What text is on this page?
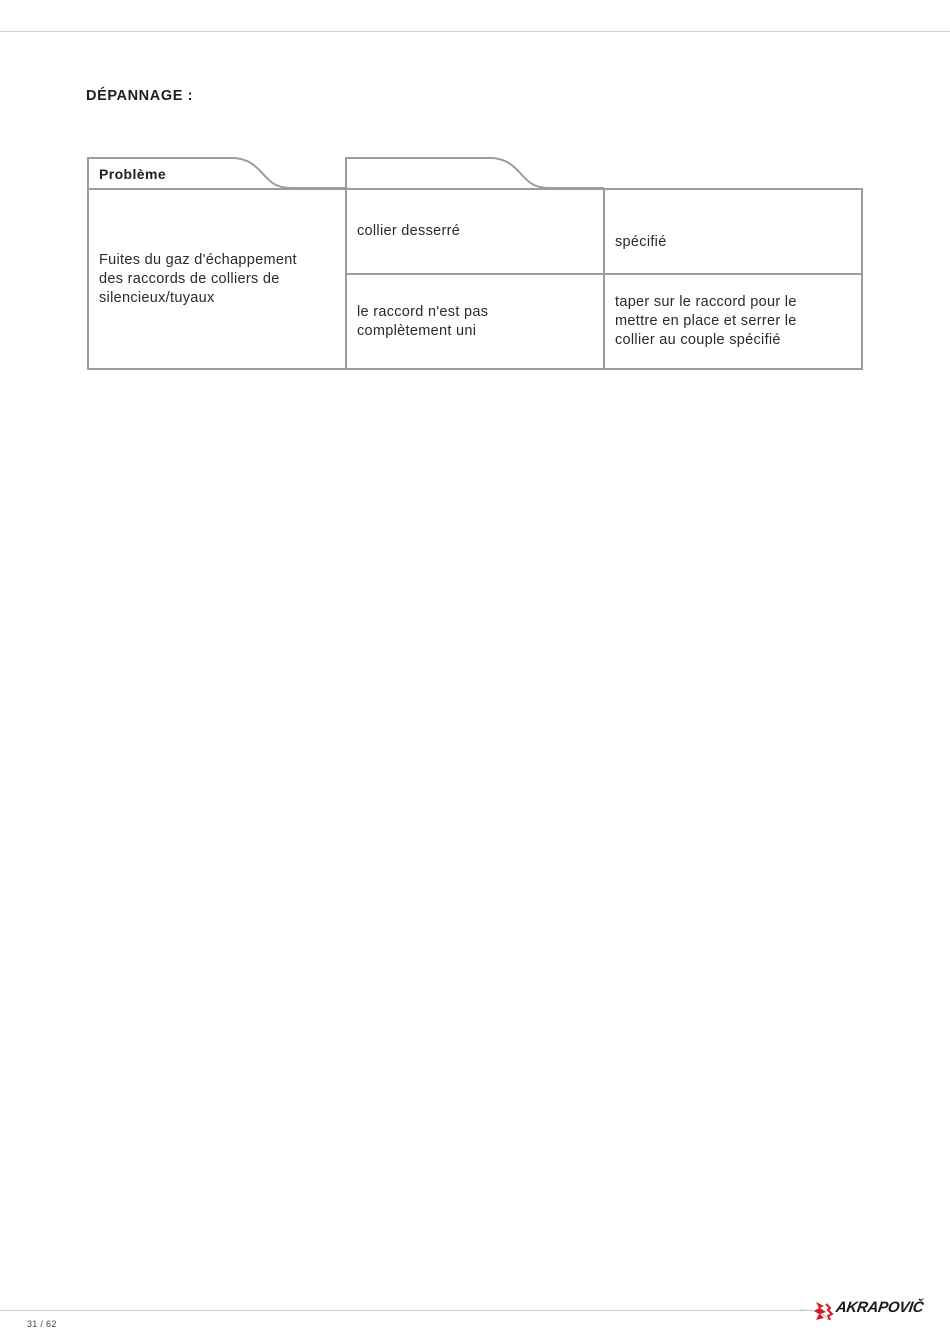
DÉPANNAGE :
Problème
Fuites du gaz d'échappement
des raccords de colliers de
silencieux/tuyaux
collier desserré
spécifié
le raccord n'est pas
complètement uni
taper sur le raccord pour le
mettre en place et serrer le
collier au couple spécifié
31 / 62
AKRAPOVIČ
